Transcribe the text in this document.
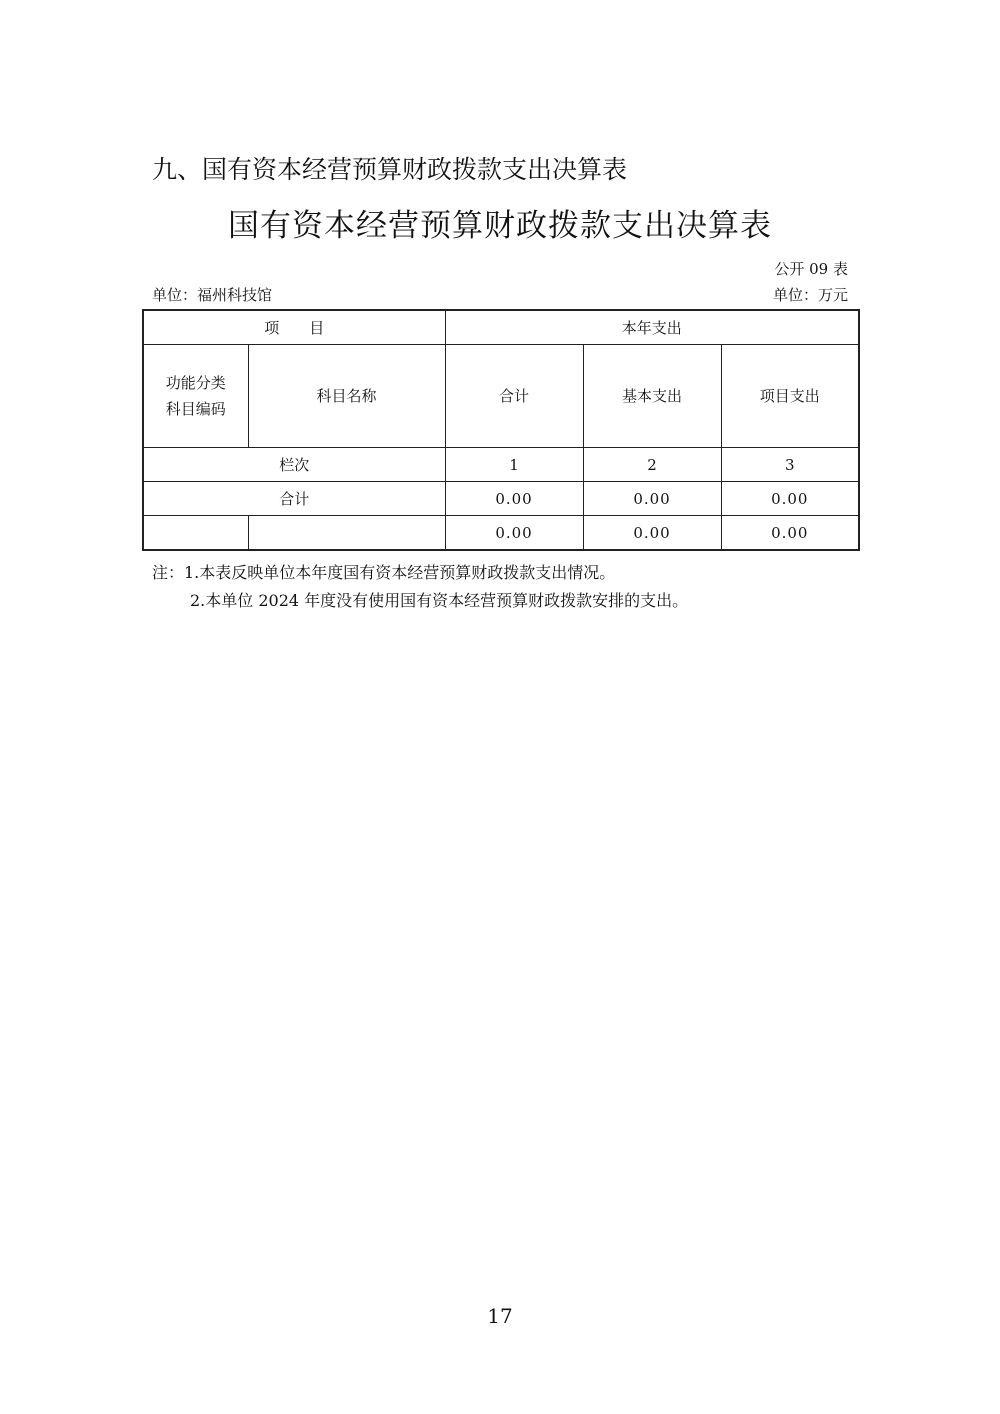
九、国有资本经营预算财政拨款支出决算表
国有资本经营预算财政拨款支出决算表
公开 09 表
单位：福州科技馆	单位：万元
项　　目		本年支出		

功能分类
科目编码	科目名称	合计	基本支出	项目支出
栏次		1	2	3
合计		0.00	0.00	0.00
		0.00	0.00	0.00
注：1.本表反映单位本年度国有资本经营预算财政拨款支出情况。
2.本单位 2024 年度没有使用国有资本经营预算财政拨款安排的支出。
17
